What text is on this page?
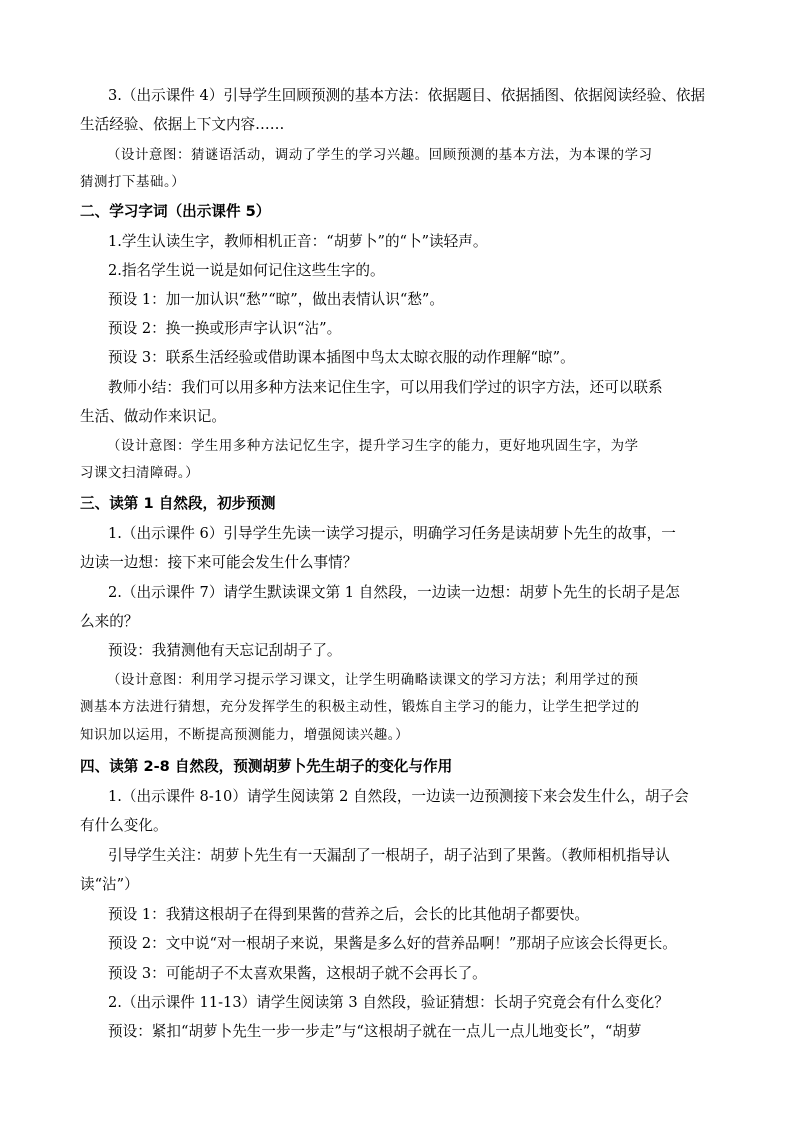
3.（出示课件 4）引导学生回顾预测的基本方法：依据题目、依据插图、依据阅读经验、依据
生活经验、依据上下文内容……
（设计意图：猜谜语活动，调动了学生的学习兴趣。回顾预测的基本方法，为本课的学习
猜测打下基础。）
二、学习字词（出示课件 5）
1.学生认读生字，教师相机正音：“胡萝卜”的“卜”读轻声。
2.指名学生说一说是如何记住这些生字的。
预设 1：加一加认识“愁”“晾”，做出表情认识“愁”。
预设 2：换一换或形声字认识“沾”。
预设 3：联系生活经验或借助课本插图中鸟太太晾衣服的动作理解“晾”。
教师小结：我们可以用多种方法来记住生字，可以用我们学过的识字方法，还可以联系
生活、做动作来识记。
（设计意图：学生用多种方法记忆生字，提升学习生字的能力，更好地巩固生字，为学
习课文扫清障碍。）
三、读第 1 自然段，初步预测
1.（出示课件 6）引导学生先读一读学习提示，明确学习任务是读胡萝卜先生的故事，一
边读一边想：接下来可能会发生什么事情？
2.（出示课件 7）请学生默读课文第 1 自然段，一边读一边想：胡萝卜先生的长胡子是怎
么来的？
预设：我猜测他有天忘记刮胡子了。
（设计意图：利用学习提示学习课文，让学生明确略读课文的学习方法；利用学过的预
测基本方法进行猜想，充分发挥学生的积极主动性，锻炼自主学习的能力，让学生把学过的
知识加以运用，不断提高预测能力，增强阅读兴趣。）
四、读第 2-8 自然段，预测胡萝卜先生胡子的变化与作用
1.（出示课件 8-10）请学生阅读第 2 自然段，一边读一边预测接下来会发生什么，胡子会
有什么变化。
引导学生关注：胡萝卜先生有一天漏刮了一根胡子，胡子沾到了果酱。（教师相机指导认
读“沾”）
预设 1：我猜这根胡子在得到果酱的营养之后，会长的比其他胡子都要快。
预设 2：文中说“对一根胡子来说，果酱是多么好的营养品啊！”那胡子应该会长得更长。
预设 3：可能胡子不太喜欢果酱，这根胡子就不会再长了。
2.（出示课件 11-13）请学生阅读第 3 自然段，验证猜想：长胡子究竟会有什么变化？
预设：紧扣“胡萝卜先生一步一步走”与“这根胡子就在一点儿一点儿地变长”，“胡萝
